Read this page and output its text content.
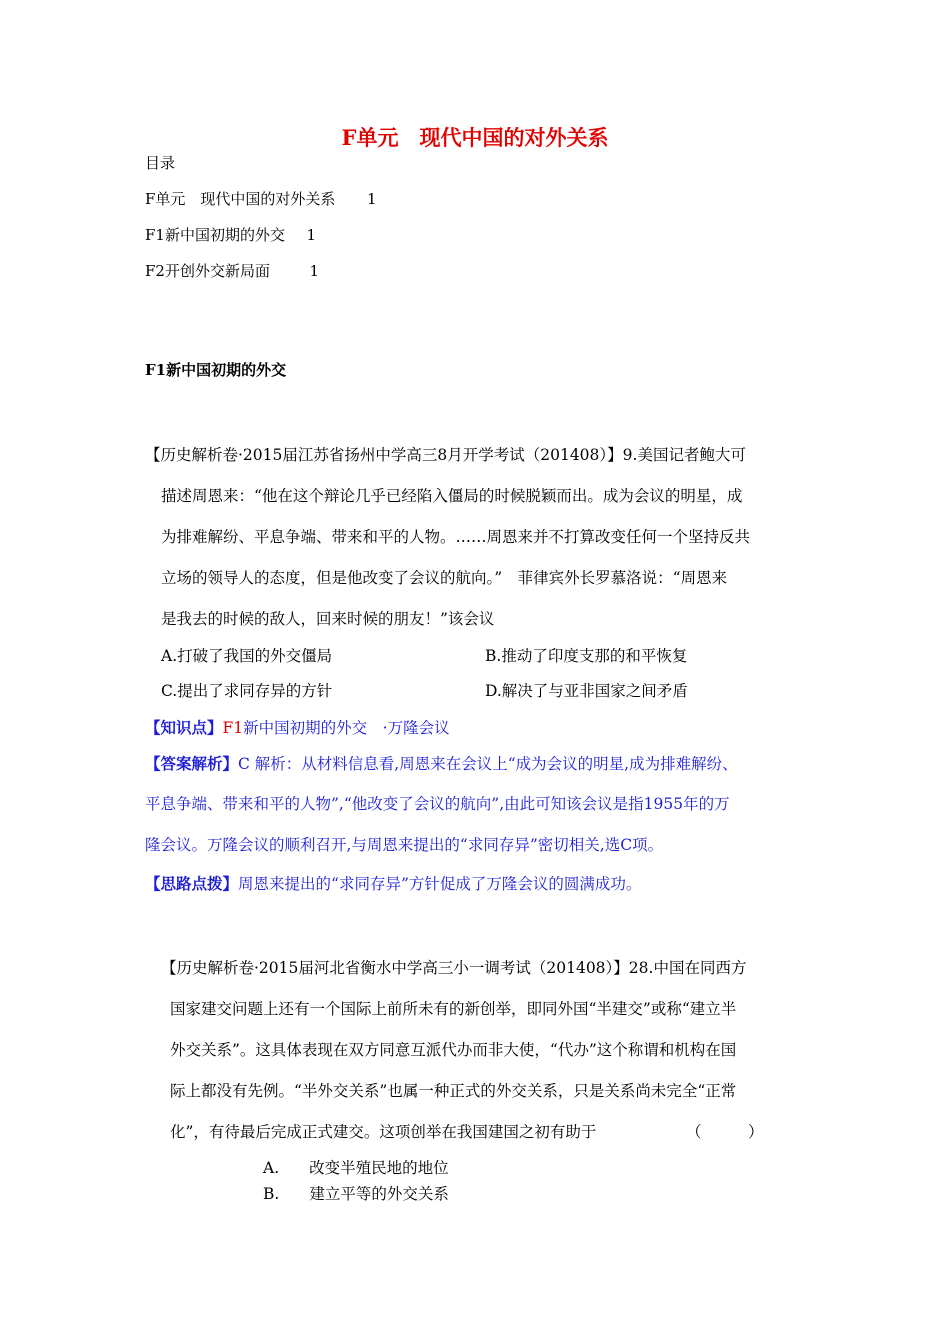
F单元　现代中国的对外关系
目录
F单元　现代中国的对外关系 1
F1新中国初期的外交 1
F2开创外交新局面	1
F1新中国初期的外交
【历史解析卷·2015届江苏省扬州中学高三8月开学考试（201408）】9.美国记者鲍大可
描述周恩来：“他在这个辩论几乎已经陷入僵局的时候脱颖而出。成为会议的明星，成
为排难解纷、平息争端、带来和平的人物。……周恩来并不打算改变任何一个坚持反共
立场的领导人的态度，但是他改变了会议的航向。”　菲律宾外长罗慕洛说：“周恩来
是我去的时候的敌人，回来时候的朋友！”该会议
A.打破了我国的外交僵局	B.推动了印度支那的和平恢复
C.提出了求同存异的方针	D.解决了与亚非国家之间矛盾
【知识点】F1新中国初期的外交　·万隆会议
【答案解析】C 解析：从材料信息看,周恩来在会议上“成为会议的明星,成为排难解纷、
平息争端、带来和平的人物”,“他改变了会议的航向”,由此可知该会议是指1955年的万
隆会议。万隆会议的顺利召开,与周恩来提出的“求同存异”密切相关,选C项。
【思路点拨】周恩来提出的“求同存异”方针促成了万隆会议的圆满成功。
【历史解析卷·2015届河北省衡水中学高三小一调考试（201408）】28.中国在同西方
国家建交问题上还有一个国际上前所未有的新创举，即同外国“半建交”或称“建立半
外交关系”。这具体表现在双方同意互派代办而非大使，“代办”这个称谓和机构在国
际上都没有先例。“半外交关系”也属一种正式的外交关系，只是关系尚未完全“正常
化”，有待最后完成正式建交。这项创举在我国建国之初有助于	（　　　）
A. 改变半殖民地的地位
B. 建立平等的外交关系
